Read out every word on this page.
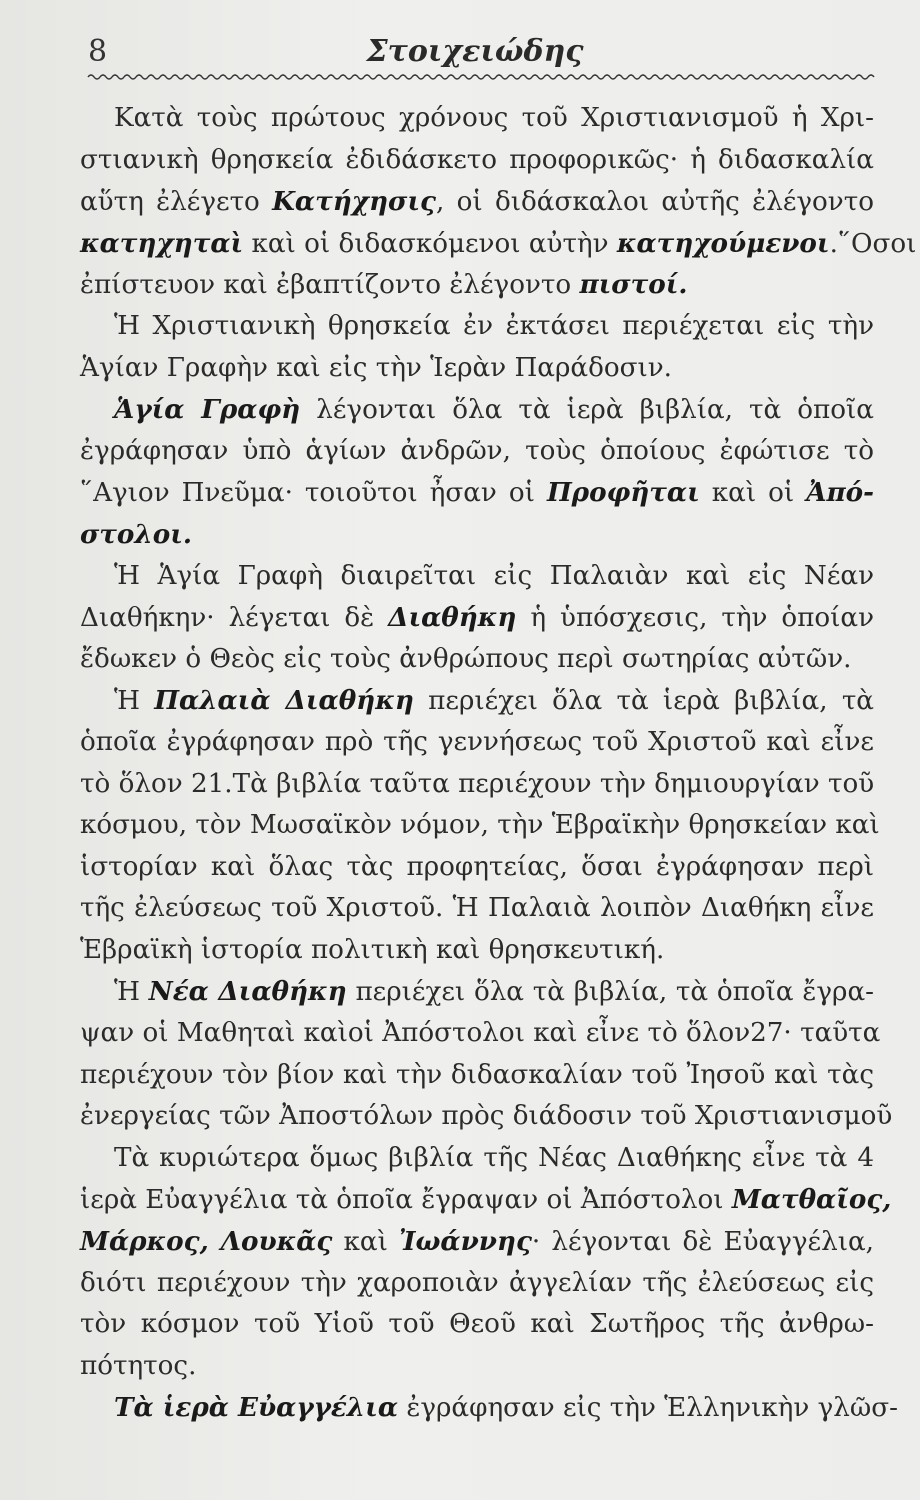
8	Στοιχειώδης
Κατὰ τοὺς πρώτους χρόνους τοῦ Χριστιανισμοῦ ἡ Χρι-
στιανικὴ θρησκεία ἐδιδάσκετο προφορικῶς· ἡ διδασκαλία
αὕτη ἐλέγετο Κατήχησις, οἱ διδάσκαλοι αὐτῆς ἐλέγοντο
κατηχηταὶ καὶ οἱ διδασκόμενοι αὐτὴν κατηχούμενοι.῞Οσοι
ἐπίστευον καὶ ἐβαπτίζοντο ἐλέγοντο πιστοί.
Ἡ Χριστιανικὴ θρησκεία ἐν ἐκτάσει περιέχεται εἰς τὴν
Ἁγίαν Γραφὴν καὶ εἰς τὴν Ἱερὰν Παράδοσιν.
Ἁγία Γραφὴ λέγονται ὅλα τὰ ἱερὰ βιβλία, τὰ ὁποῖα
ἐγράφησαν ὑπὸ ἁγίων ἀνδρῶν, τοὺς ὁποίους ἐφώτισε τὸ
῞Αγιον Πνεῦμα· τοιοῦτοι ἦσαν οἱ Προφῆται καὶ οἱ Ἀπό-
στολοι.
Ἡ Ἁγία Γραφὴ διαιρεῖται εἰς Παλαιὰν καὶ εἰς Νέαν
Διαθήκην· λέγεται δὲ Διαθήκη ἡ ὑπόσχεσις, τὴν ὁποίαν
ἔδωκεν ὁ Θεὸς εἰς τοὺς ἀνθρώπους περὶ σωτηρίας αὐτῶν.
Ἡ Παλαιὰ Διαθήκη περιέχει ὅλα τὰ ἱερὰ βιβλία, τὰ
ὁποῖα ἐγράφησαν πρὸ τῆς γεννήσεως τοῦ Χριστοῦ καὶ εἶνε
τὸ ὅλον 21.Τὰ βιβλία ταῦτα περιέχουν τὴν δημιουργίαν τοῦ
κόσμου, τὸν Μωσαϊκὸν νόμον, τὴν Ἑβραϊκὴν θρησκείαν καὶ
ἱστορίαν καὶ ὅλας τὰς προφητείας, ὅσαι ἐγράφησαν περὶ
τῆς ἐλεύσεως τοῦ Χριστοῦ. Ἡ Παλαιὰ λοιπὸν Διαθήκη εἶνε
Ἑβραϊκὴ ἱστορία πολιτικὴ καὶ θρησκευτική.
Ἡ Νέα Διαθήκη περιέχει ὅλα τὰ βιβλία, τὰ ὁποῖα ἔγρα-
ψαν οἱ Μαθηταὶ καὶοἱ Ἀπόστολοι καὶ εἶνε τὸ ὅλον27· ταῦτα
περιέχουν τὸν βίον καὶ τὴν διδασκαλίαν τοῦ Ἰησοῦ καὶ τὰς
ἐνεργείας τῶν Ἀποστόλων πρὸς διάδοσιν τοῦ Χριστιανισμοῦ
Τὰ κυριώτερα ὅμως βιβλία τῆς Νέας Διαθήκης εἶνε τὰ 4
ἱερὰ Εὐαγγέλια τὰ ὁποῖα ἔγραψαν οἱ Ἀπόστολοι Ματθαῖος,
Μάρκος, Λουκᾶς καὶ Ἰωάννης· λέγονται δὲ Εὐαγγέλια,
διότι περιέχουν τὴν χαροποιὰν ἀγγελίαν τῆς ἐλεύσεως εἰς
τὸν κόσμον τοῦ Υἱοῦ τοῦ Θεοῦ καὶ Σωτῆρος τῆς ἀνθρω-
πότητος.
Τὰ ἱερὰ Εὐαγγέλια ἐγράφησαν εἰς τὴν Ἑλληνικὴν γλῶσ-
